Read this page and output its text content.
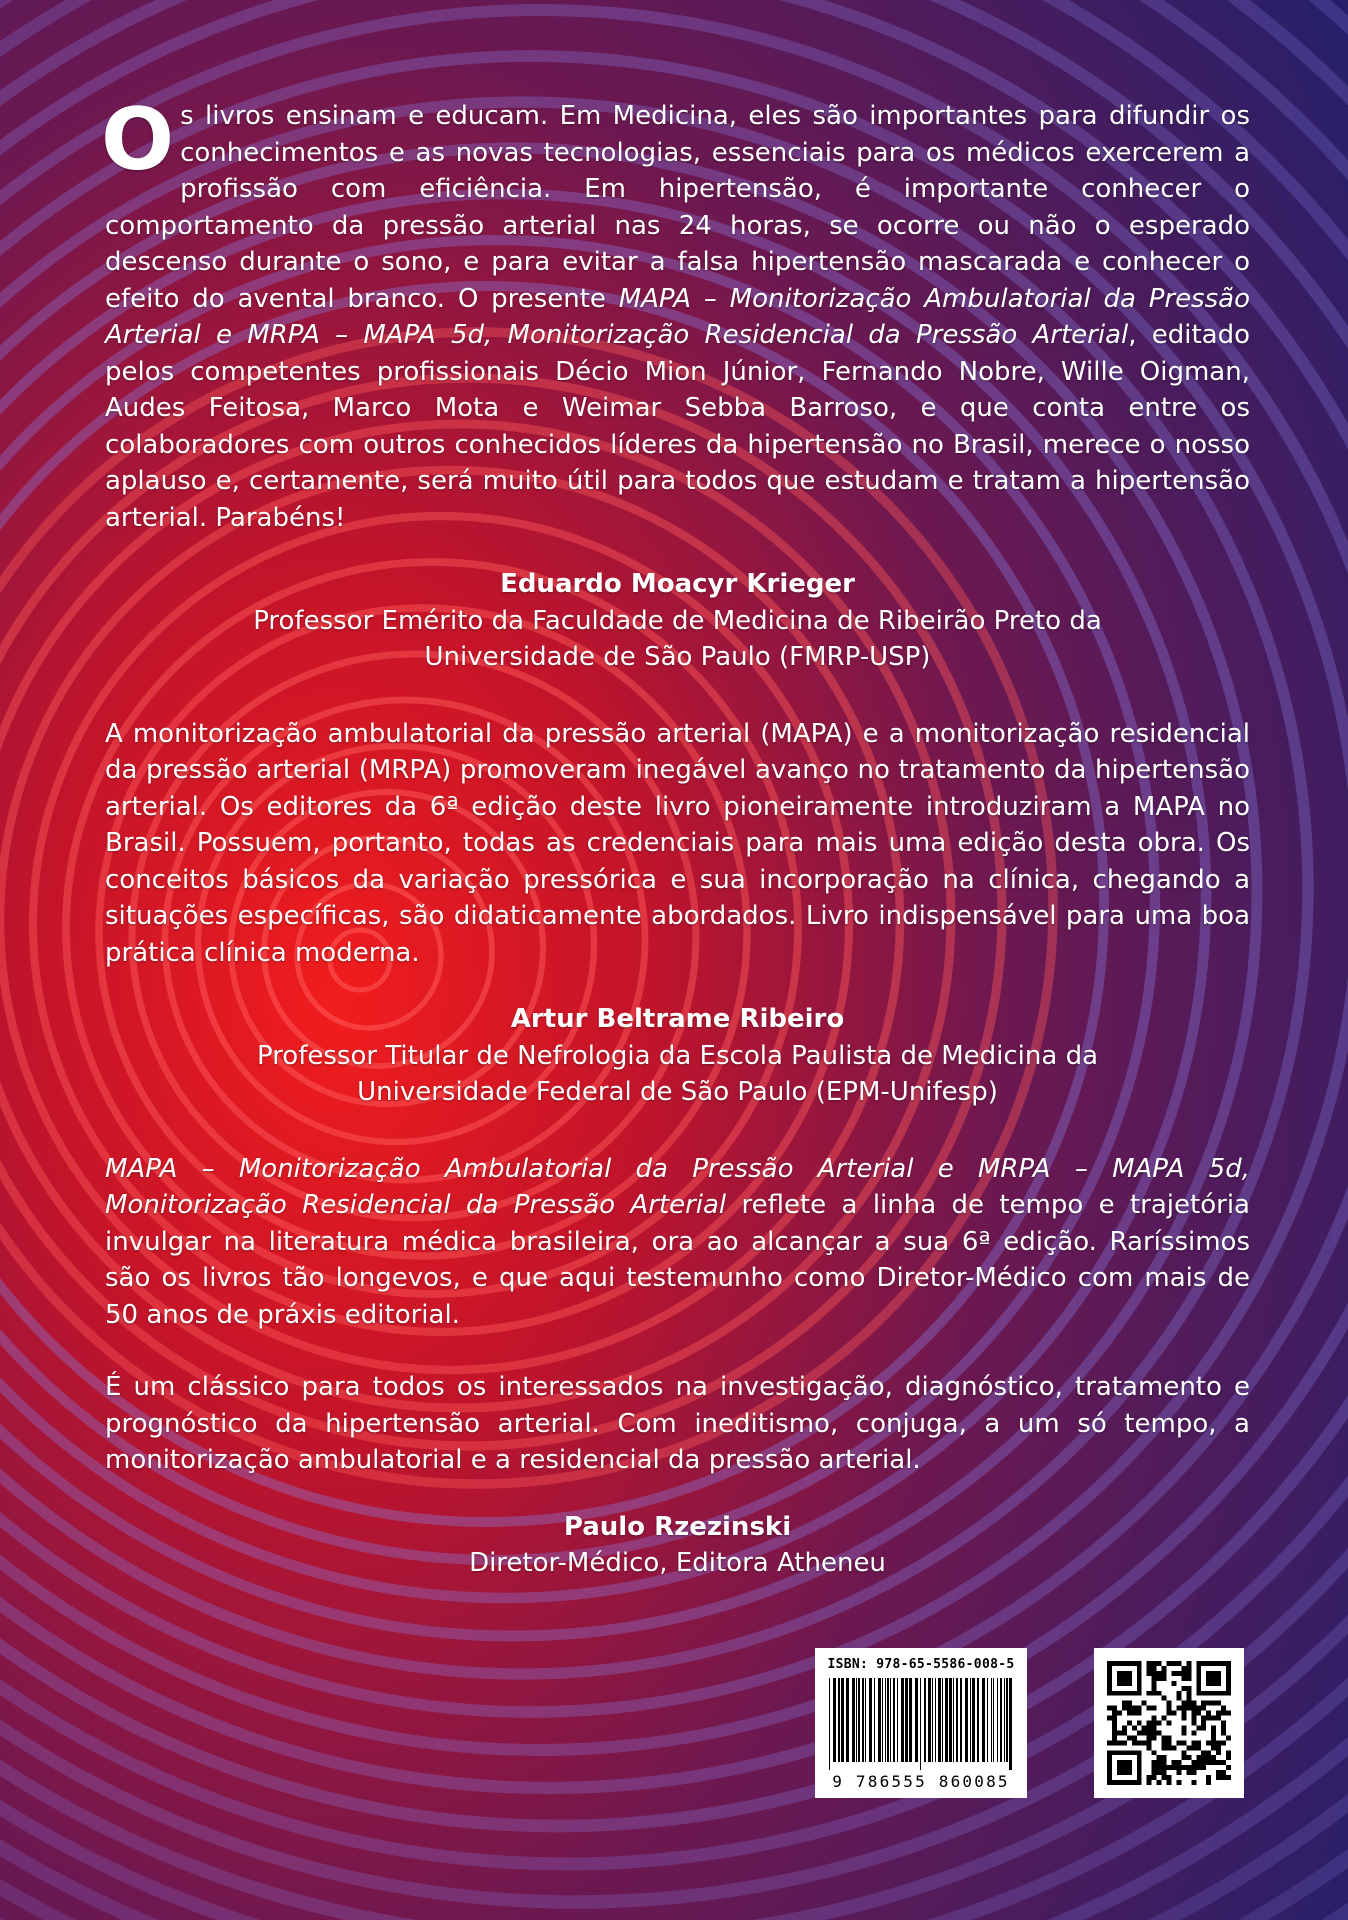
Os livros ensinam e educam. Em Medicina, eles são importantes para difundir os conhecimentos e as novas tecnologias, essenciais para os médicos exercerem a profissão com eficiência. Em hipertensão, é importante conhecer o comportamento da pressão arterial nas 24 horas, se ocorre ou não o esperado descenso durante o sono, e para evitar a falsa hipertensão mascarada e conhecer o efeito do avental branco. O presente MAPA – Monitorização Ambulatorial da Pressão Arterial e MRPA – MAPA 5d, Monitorização Residencial da Pressão Arterial, editado pelos competentes profissionais Décio Mion Júnior, Fernando Nobre, Wille Oigman, Audes Feitosa, Marco Mota e Weimar Sebba Barroso, e que conta entre os colaboradores com outros conhecidos líderes da hipertensão no Brasil, merece o nosso aplauso e, certamente, será muito útil para todos que estudam e tratam a hipertensão arterial. Parabéns!

Eduardo Moacyr Krieger
Professor Emérito da Faculdade de Medicina de Ribeirão Preto da
Universidade de São Paulo (FMRP-USP)

A monitorização ambulatorial da pressão arterial (MAPA) e a monitorização residencial da pressão arterial (MRPA) promoveram inegável avanço no tratamento da hipertensão arterial. Os editores da 6ª edição deste livro pioneiramente introduziram a MAPA no Brasil. Possuem, portanto, todas as credenciais para mais uma edição desta obra. Os conceitos básicos da variação pressórica e sua incorporação na clínica, chegando a situações específicas, são didaticamente abordados. Livro indispensável para uma boa prática clínica moderna.

Artur Beltrame Ribeiro
Professor Titular de Nefrologia da Escola Paulista de Medicina da
Universidade Federal de São Paulo (EPM-Unifesp)

MAPA – Monitorização Ambulatorial da Pressão Arterial e MRPA – MAPA 5d, Monitorização Residencial da Pressão Arterial reflete a linha de tempo e trajetória invulgar na literatura médica brasileira, ora ao alcançar a sua 6ª edição. Raríssimos são os livros tão longevos, e que aqui testemunho como Diretor-Médico com mais de 50 anos de práxis editorial.

É um clássico para todos os interessados na investigação, diagnóstico, tratamento e prognóstico da hipertensão arterial. Com ineditismo, conjuga, a um só tempo, a monitorização ambulatorial e a residencial da pressão arterial.

Paulo Rzezinski
Diretor-Médico, Editora Atheneu
ISBN: 978-65-5586-008-5
9 786555 860085
